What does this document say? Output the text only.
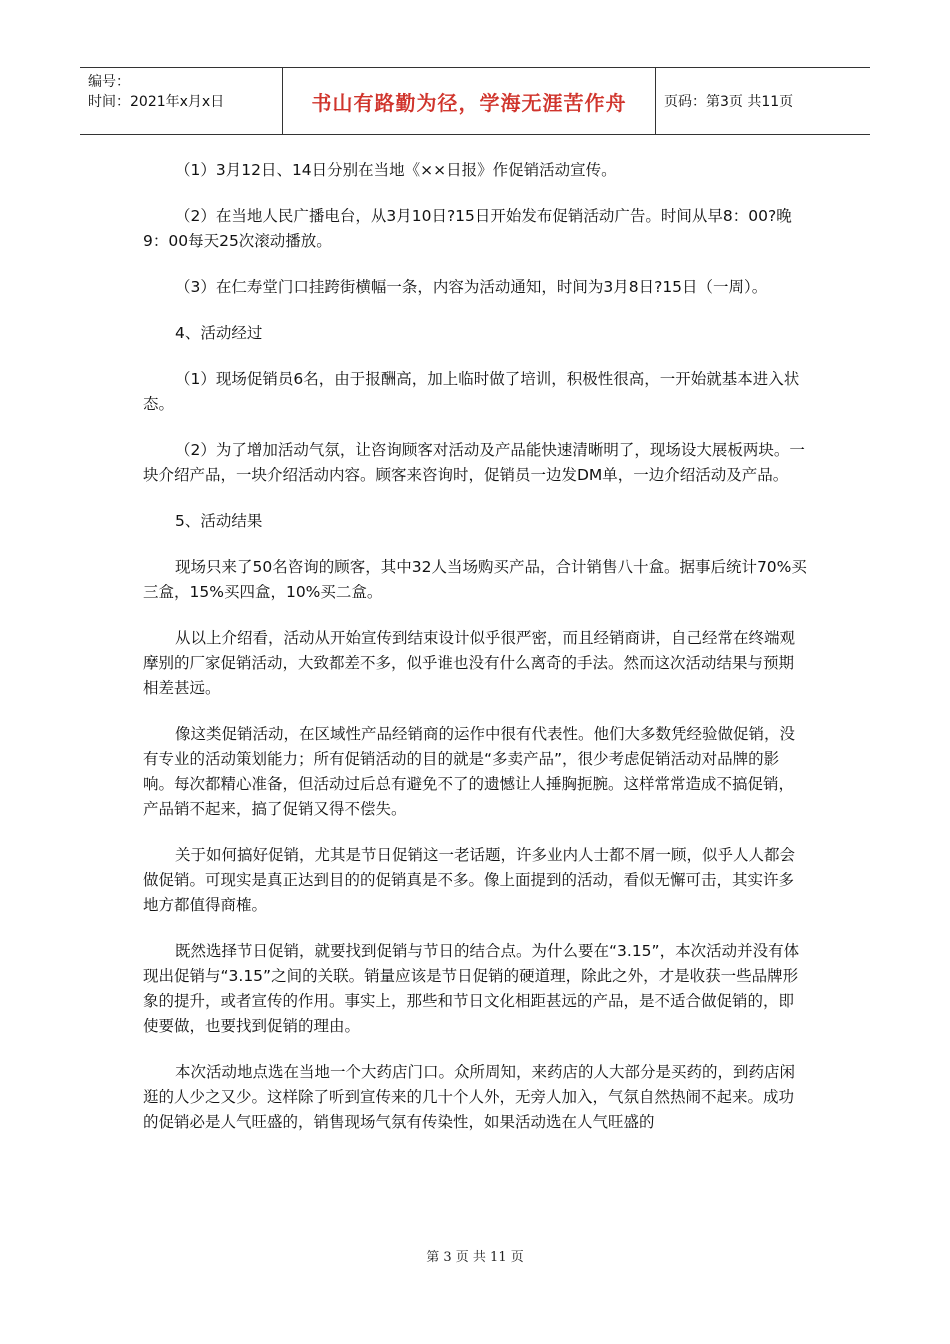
编号：
时间：2021年x月x日	书山有路勤为径，学海无涯苦作舟	页码：第3页 共11页

（1）3月12日、14日分别在当地《××日报》作促销活动宣传。

（2）在当地人民广播电台，从3月10日?15日开始发布促销活动广告。时间从早8：00?晚9：00每天25次滚动播放。

（3）在仁寿堂门口挂跨街横幅一条，内容为活动通知，时间为3月8日?15日（一周）。

4、活动经过

（1）现场促销员6名，由于报酬高，加上临时做了培训，积极性很高，一开始就基本进入状态。

（2）为了增加活动气氛，让咨询顾客对活动及产品能快速清晰明了，现场设大展板两块。一块介绍产品，一块介绍活动内容。顾客来咨询时，促销员一边发DM单，一边介绍活动及产品。

5、活动结果

现场只来了50名咨询的顾客，其中32人当场购买产品，合计销售八十盒。据事后统计70%买三盒，15%买四盒，10%买二盒。

从以上介绍看，活动从开始宣传到结束设计似乎很严密，而且经销商讲，自己经常在终端观摩别的厂家促销活动，大致都差不多，似乎谁也没有什么离奇的手法。然而这次活动结果与预期相差甚远。

像这类促销活动，在区域性产品经销商的运作中很有代表性。他们大多数凭经验做促销，没有专业的活动策划能力；所有促销活动的目的就是“多卖产品”，很少考虑促销活动对品牌的影响。每次都精心准备，但活动过后总有避免不了的遗憾让人捶胸扼腕。这样常常造成不搞促销，产品销不起来，搞了促销又得不偿失。

关于如何搞好促销，尤其是节日促销这一老话题，许多业内人士都不屑一顾，似乎人人都会做促销。可现实是真正达到目的的促销真是不多。像上面提到的活动，看似无懈可击，其实许多地方都值得商榷。

既然选择节日促销，就要找到促销与节日的结合点。为什么要在“3.15”，本次活动并没有体现出促销与“3.15”之间的关联。销量应该是节日促销的硬道理，除此之外，才是收获一些品牌形象的提升，或者宣传的作用。事实上，那些和节日文化相距甚远的产品，是不适合做促销的，即使要做，也要找到促销的理由。

本次活动地点选在当地一个大药店门口。众所周知，来药店的人大部分是买药的，到药店闲逛的人少之又少。这样除了听到宣传来的几十个人外，无旁人加入，气氛自然热闹不起来。成功的促销必是人气旺盛的，销售现场气氛有传染性，如果活动选在人气旺盛的

第 3 页 共 11 页
